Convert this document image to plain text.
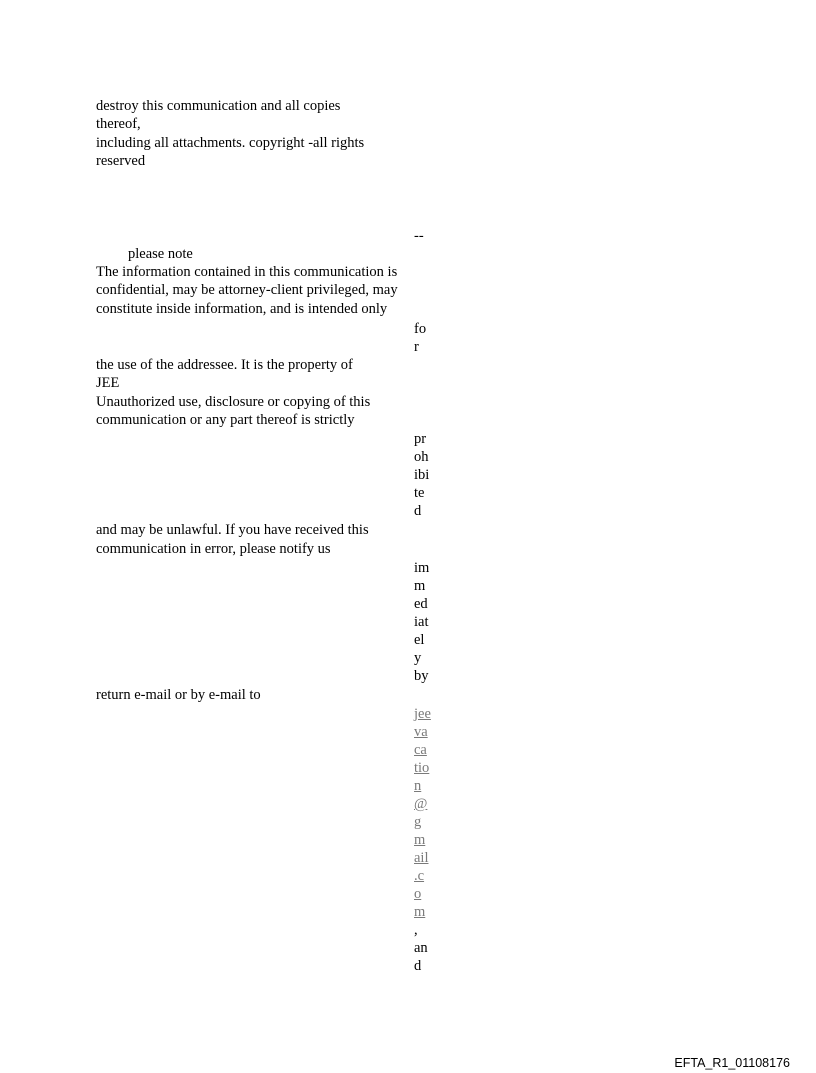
destroy this communication and all copies

thereof,

including all attachments. copyright -all rights

reserved

--

please note

The information contained in this communication is

confidential, may be attorney-client privileged, may

constitute inside information, and is intended only

fo
r

the use of the addressee. It is the property of

JEE

Unauthorized use, disclosure or copying of this

communication or any part thereof is strictly

pr
oh
ibi
te
d

and may be unlawful. If you have received this

communication in error, please notify us

im
m
ed
iat
el
y
by

return e-mail or by e-mail to

jee
va
ca
tio
n
@
g
m
ail
.c
o
m
,
an
d
EFTA_R1_01108176
